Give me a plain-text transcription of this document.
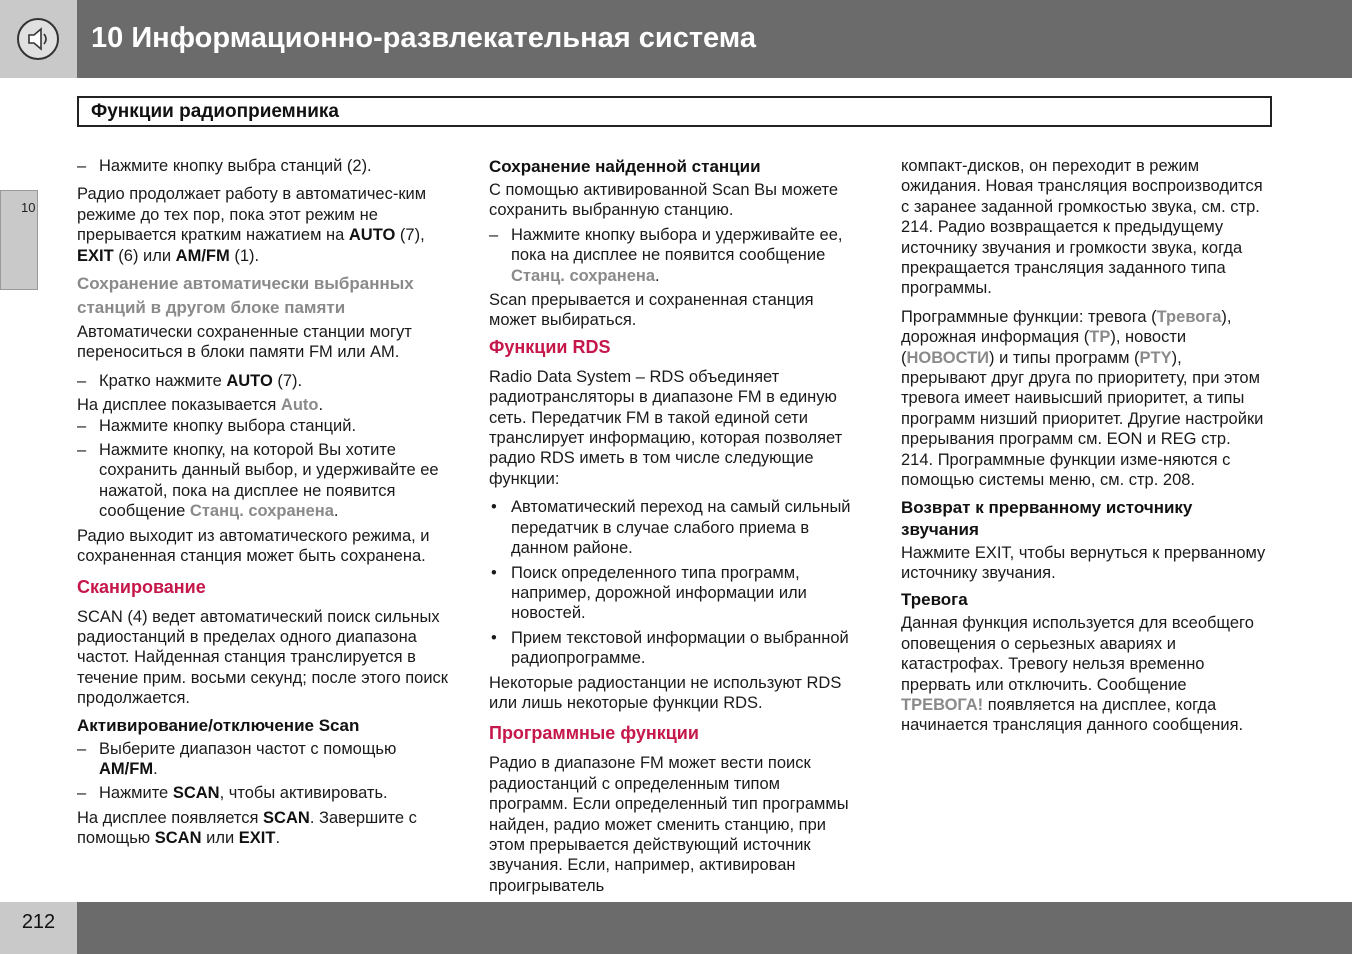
10 Информационно-развлекательная система
Функции радиоприемника
10

– Нажмите кнопку выбра станций (2).

Радио продолжает работу в автоматичес-ким режиме до тех пор, пока этот режим не прерывается кратким нажатием на AUTO (7), EXIT (6) или AM/FM (1).

Сохранение автоматически выбранных станций в другом блоке памяти

Автоматически сохраненные станции могут переноситься в блоки памяти FM или AM.

– Кратко нажмите AUTO (7).

На дисплее показывается Auto.

– Нажмите кнопку выбора станций.

– Нажмите кнопку, на которой Вы хотите сохранить данный выбор, и удерживайте ее нажатой, пока на дисплее не появится сообщение Станц. сохранена.

Радио выходит из автоматического режима, и сохраненная станция может быть сохранена.

Сканирование

SCAN (4) ведет автоматический поиск сильных радиостанций в пределах одного диапазона частот. Найденная станция транслируется в течение прим. восьми секунд; после этого поиск продолжается.

Активирование/отключение Scan

– Выберите диапазон частот с помощью AM/FM.

– Нажмите SCAN, чтобы активировать.

На дисплее появляется SCAN. Завершите с помощью SCAN или EXIT.

Сохранение найденной станции

С помощью активированной Scan Вы можете сохранить выбранную станцию.

– Нажмите кнопку выбора и удерживайте ее, пока на дисплее не появится сообщение Станц. сохранена.

Scan прерывается и сохраненная станция может выбираться.

Функции RDS

Radio Data System – RDS объединяет радиотрансляторы в диапазоне FM в единую сеть. Передатчик FM в такой единой сети транслирует информацию, которая позволяет радио RDS иметь в том числе следующие функции:

• Автоматический переход на самый сильный передатчик в случае слабого приема в данном районе.

• Поиск определенного типа программ, например, дорожной информации или новостей.

• Прием текстовой информации о выбранной радиопрограмме.

Некоторые радиостанции не используют RDS или лишь некоторые функции RDS.

Программные функции

Радио в диапазоне FM может вести поиск радиостанций с определенным типом программ. Если определенный тип программы найден, радио может сменить станцию, при этом прерывается действующий источник звучания. Если, например, активирован проигрыватель

компакт-дисков, он переходит в режим ожидания. Новая трансляция воспроизводится с заранее заданной громкостью звука, см. стр. 214. Радио возвращается к предыдущему источнику звучания и громкости звука, когда прекращается трансляция заданного типа программы.

Программные функции: тревога (Тревога), дорожная информация (TP), новости (НОВОСТИ) и типы программ (PTY), прерывают друг друга по приоритету, при этом тревога имеет наивысший приоритет, а типы программ низший приоритет. Другие настройки прерывания программ см. EON и REG стр. 214. Программные функции изме-няются с помощью системы меню, см. стр. 208.

Возврат к прерванному источнику звучания

Нажмите EXIT, чтобы вернуться к прерванному источнику звучания.

Тревога

Данная функция используется для всеобщего оповещения о серьезных авариях и катастрофах. Тревогу нельзя временно прервать или отключить. Сообщение ТРЕВОГА! появляется на дисплее, когда начинается трансляция данного сообщения.

212
